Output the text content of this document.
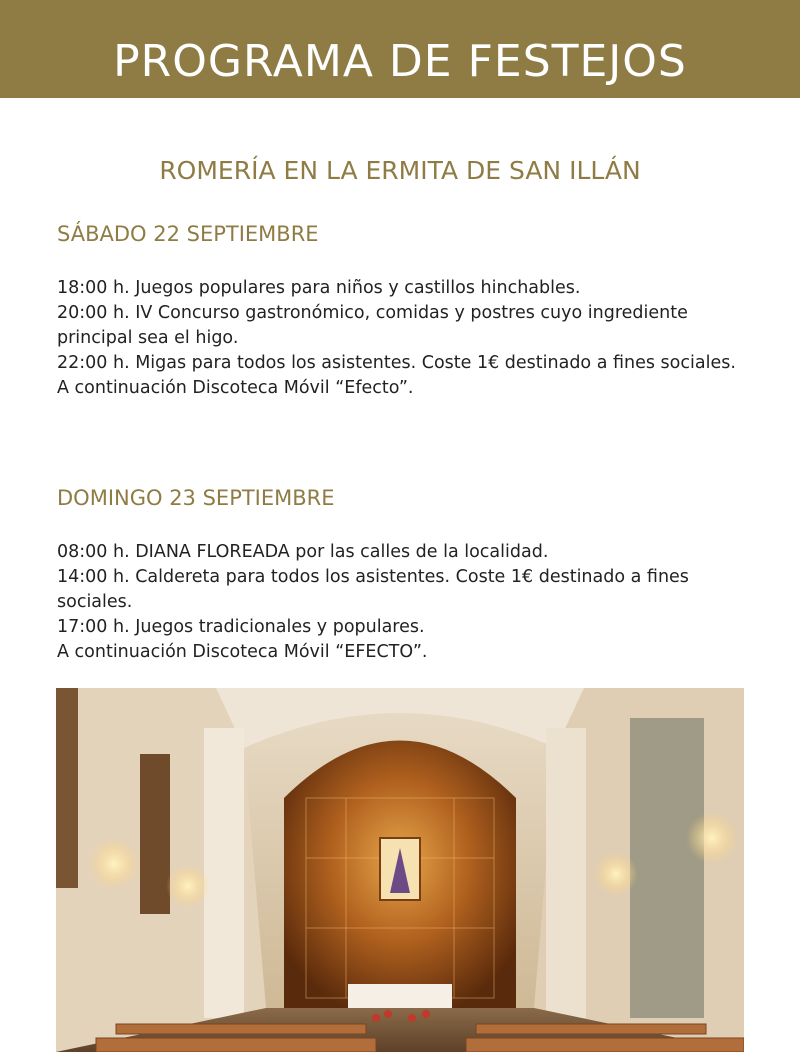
PROGRAMA DE FESTEJOS
ROMERÍA EN LA ERMITA DE SAN ILLÁN
SÁBADO 22 SEPTIEMBRE
18:00 h. Juegos populares para niños y castillos hinchables.
20:00 h. IV Concurso gastronómico, comidas y postres cuyo ingrediente principal sea el higo.
22:00 h. Migas para todos los asistentes. Coste 1€ destinado a fines sociales.
A continuación Discoteca Móvil “Efecto”.
DOMINGO 23 SEPTIEMBRE
08:00 h. DIANA FLOREADA por las calles de la localidad.
14:00 h. Caldereta para todos los asistentes. Coste 1€ destinado a fines sociales.
17:00 h. Juegos tradicionales y populares.
A continuación Discoteca Móvil “EFECTO”.
